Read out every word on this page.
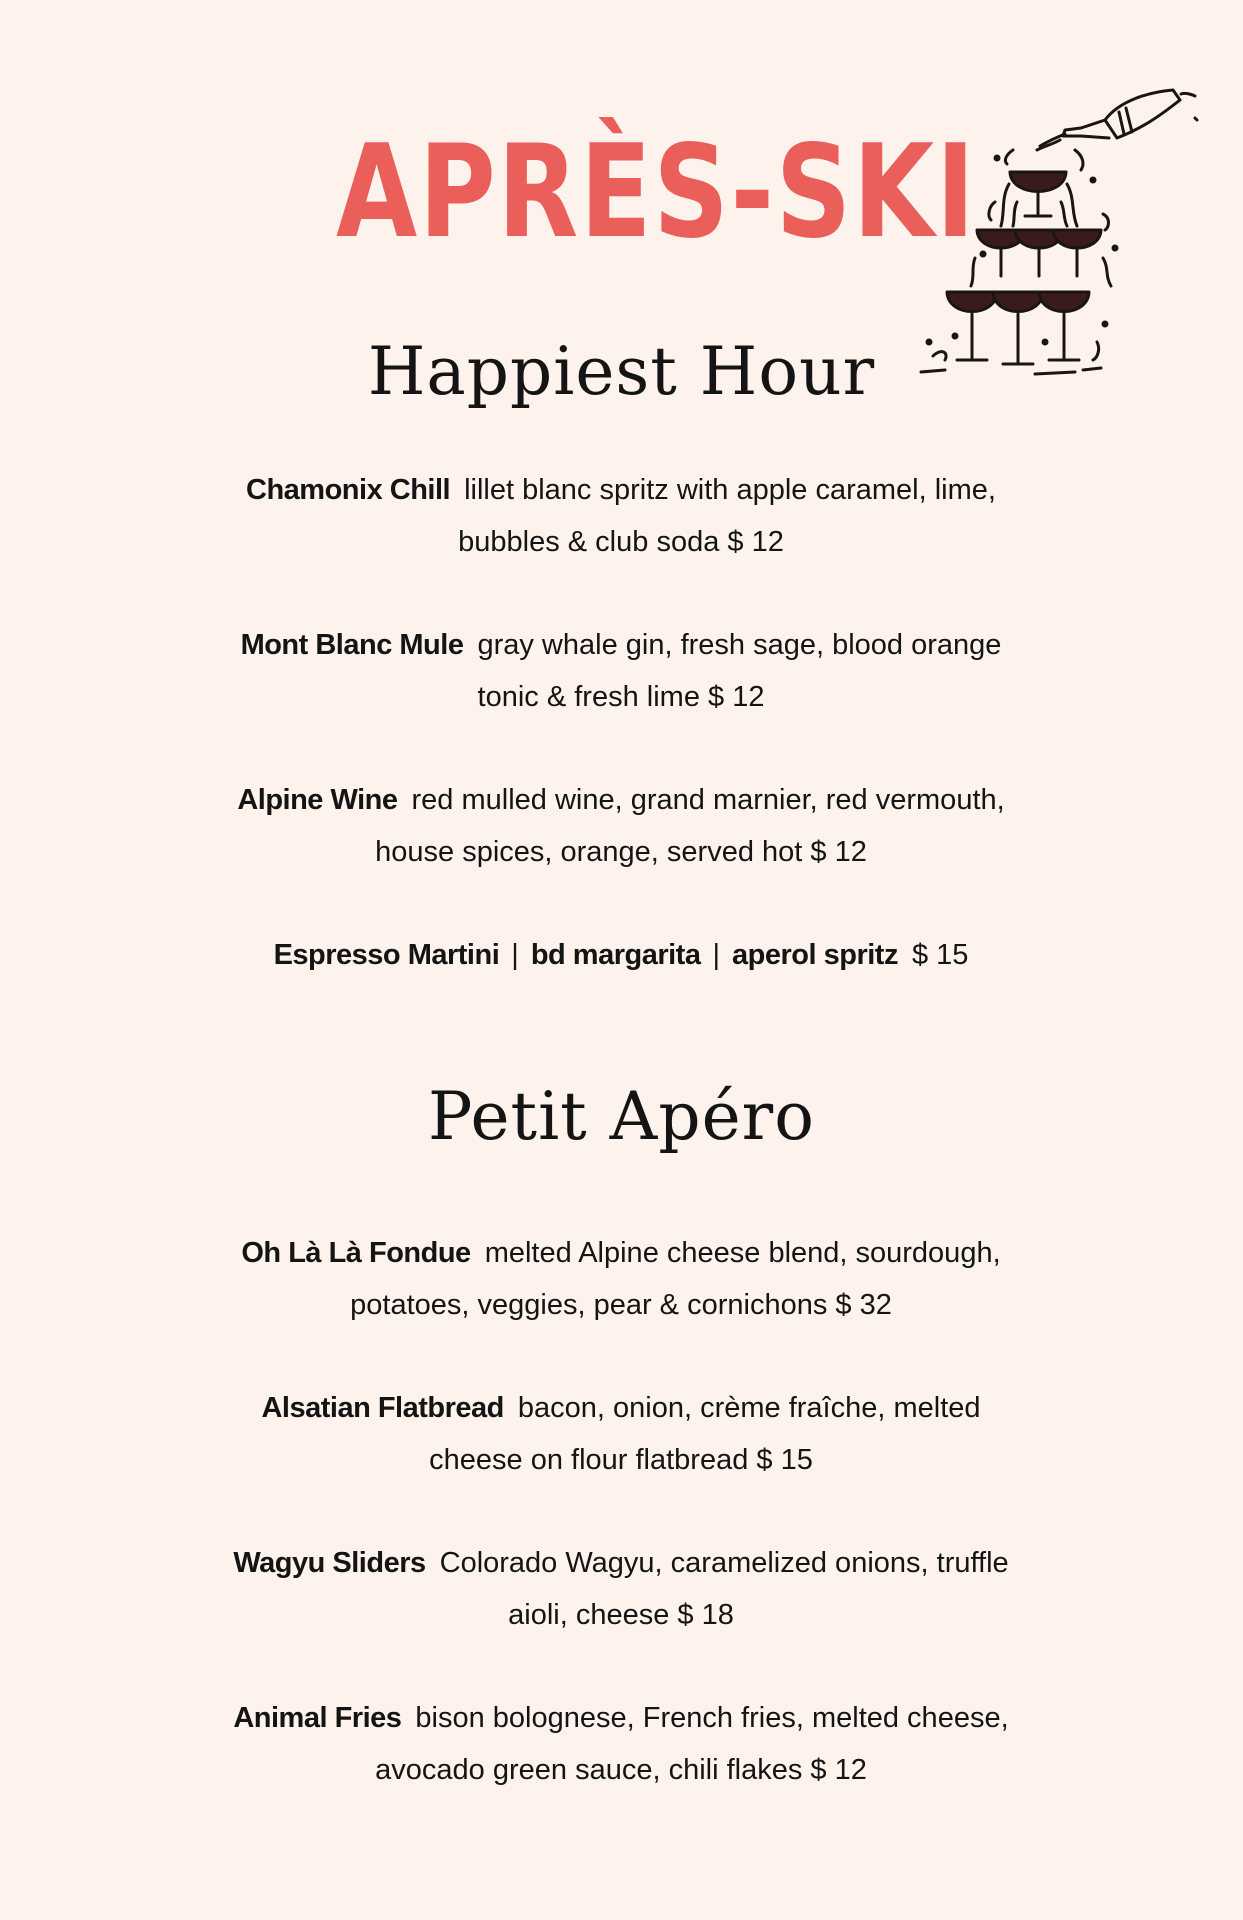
APRÈS-SKI
Happiest Hour

Chamonix Chill lillet blanc spritz with apple caramel, lime, bubbles & club soda $ 12

Mont Blanc Mule gray whale gin, fresh sage, blood orange tonic & fresh lime $ 12

Alpine Wine red mulled wine, grand marnier, red vermouth, house spices, orange, served hot $ 12

Espresso Martini | bd margarita | aperol spritz $ 15

Petit Apéro

Oh Là Là Fondue melted Alpine cheese blend, sourdough, potatoes, veggies, pear & cornichons $ 32

Alsatian Flatbread bacon, onion, crème fraîche, melted cheese on flour flatbread $ 15

Wagyu Sliders Colorado Wagyu, caramelized onions, truffle aioli, cheese $ 18

Animal Fries bison bolognese, French fries, melted cheese, avocado green sauce, chili flakes $ 12
